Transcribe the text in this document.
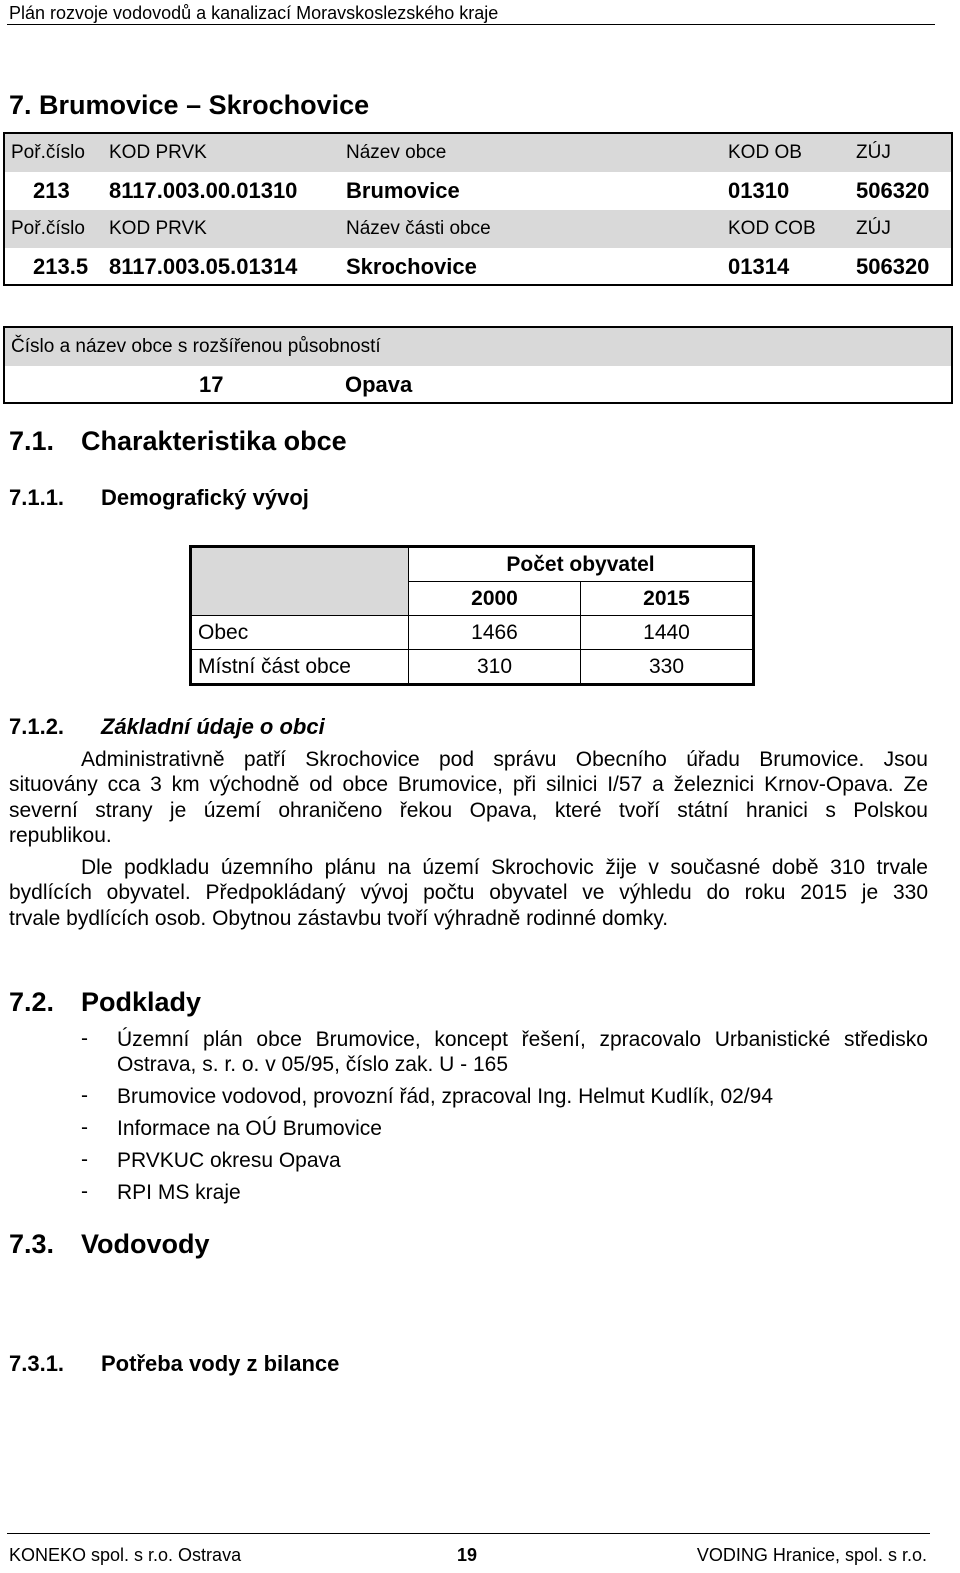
Plán rozvoje vodovodů a kanalizací Moravskoslezského kraje
7. Brumovice – Skrochovice
Poř.číslo KOD PRVK	Název obce	KOD OB	ZÚJ
213 8117.003.00.01310 Brumovice	01310	506320
Poř.číslo KOD PRVK	Název části obce	KOD COB ZÚJ
213.5 8117.003.05.01314 Skrochovice	01314	506320
Číslo a název obce s rozšířenou působností
17	Opava
7.1. Charakteristika obce
7.1.1. Demografický vývoj
	Počet obyvatel	
	2000	2015
Obec	1466	1440
Místní část obce	310	330
7.1.2. Základní údaje o obci
Administrativně patří Skrochovice pod správu Obecního úřadu Brumovice. Jsou
situovány cca 3 km východně od obce Brumovice, při silnici I/57 a železnici Krnov-Opava. Ze
severní strany je území ohraničeno řekou Opava, které tvoří státní hranici s Polskou
republikou.
Dle podkladu územního plánu na území Skrochovic žije v současné době 310 trvale
bydlících obyvatel. Předpokládaný vývoj počtu obyvatel ve výhledu do roku 2015 je 330
trvale bydlících osob. Obytnou zástavbu tvoří výhradně rodinné domky.
7.2. Podklady
- Územní plán obce Brumovice, koncept řešení, zpracovalo Urbanistické středisko
Ostrava, s. r. o. v 05/95, číslo zak. U - 165
- Brumovice vodovod, provozní řád, zpracoval Ing. Helmut Kudlík, 02/94
- Informace na OÚ Brumovice
- PRVKUC okresu Opava
- RPI MS kraje
7.3. Vodovody
7.3.1. Potřeba vody z bilance
KONEKO spol. s r.o. Ostrava	19	VODING Hranice, spol. s r.o.
